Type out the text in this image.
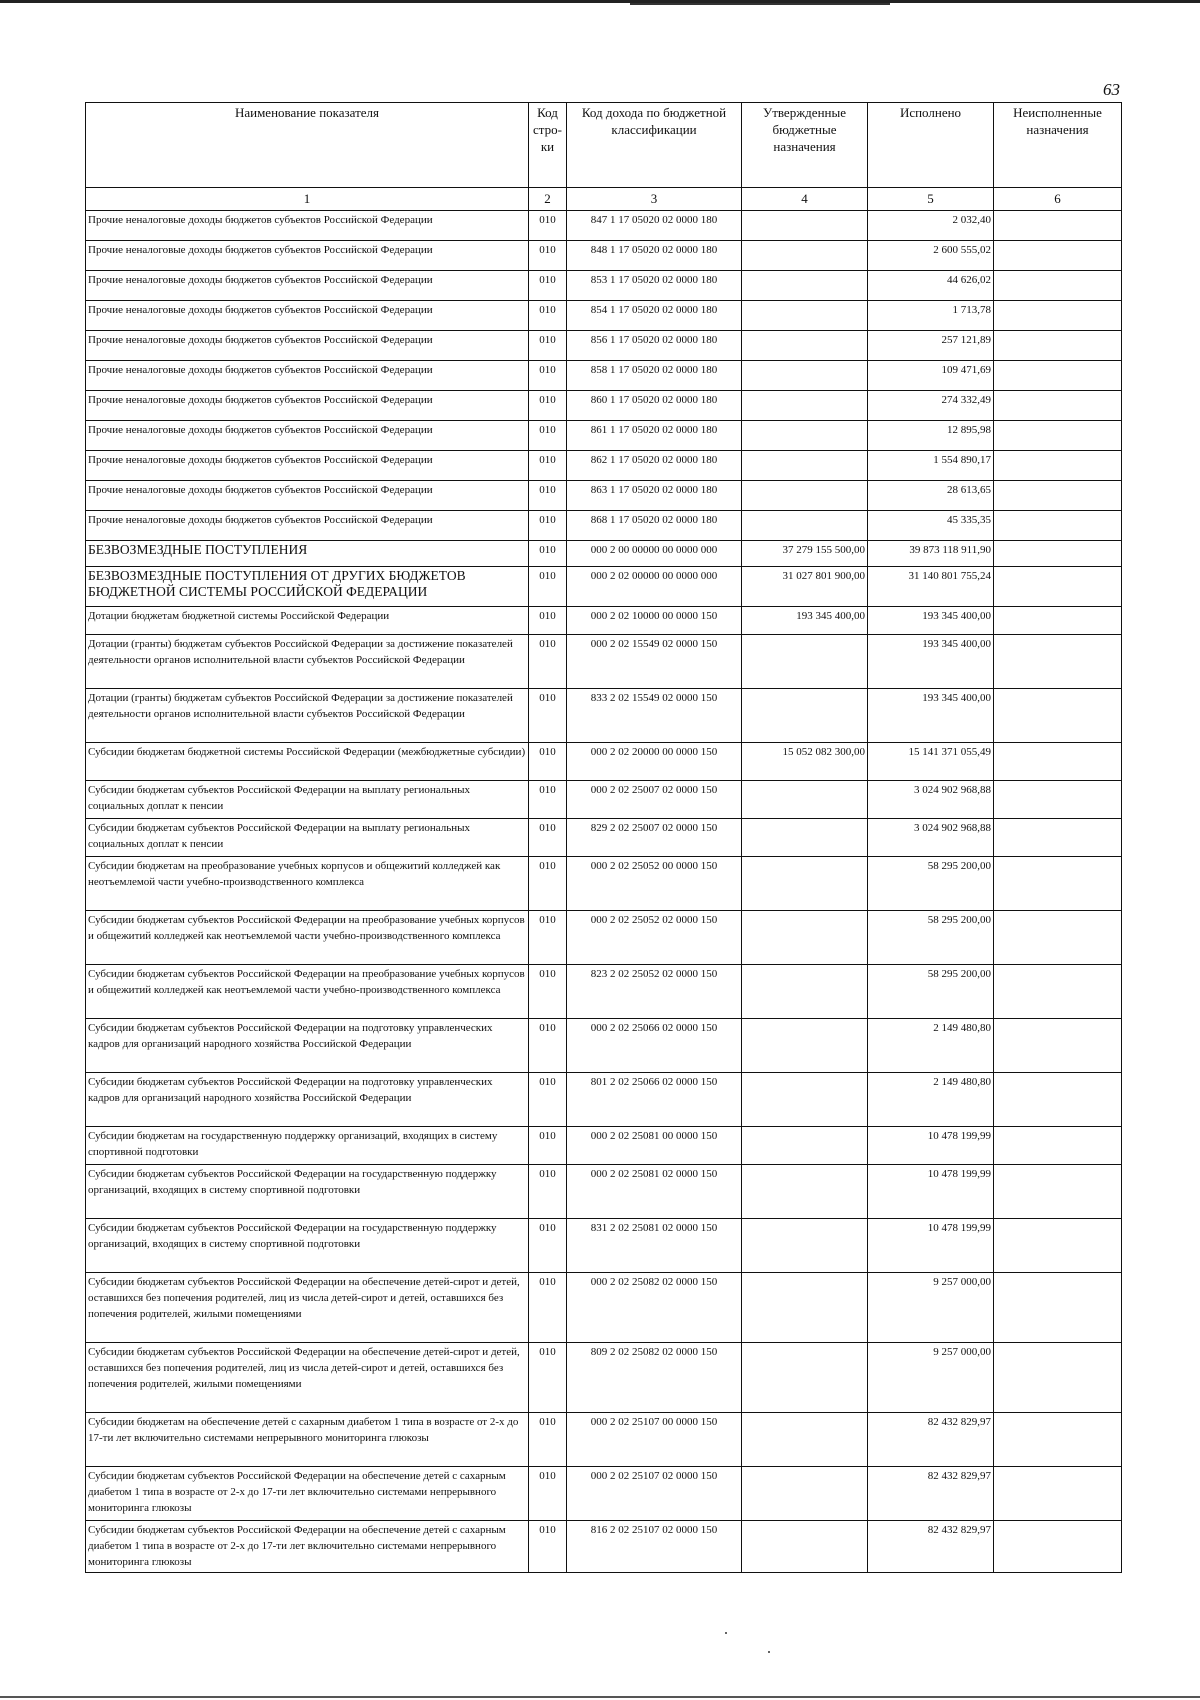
63
Наименование показателя	Код стро-ки	Код дохода по бюджетной классификации	Утвержденные бюджетные назначения	Исполнено	Неисполненные назначения
1	2	3	4	5	6
Прочие неналоговые доходы бюджетов субъектов Российской Федерации	010	847 1 17 05020 02 0000 180		2 032,40	
Прочие неналоговые доходы бюджетов субъектов Российской Федерации	010	848 1 17 05020 02 0000 180		2 600 555,02	
Прочие неналоговые доходы бюджетов субъектов Российской Федерации	010	853 1 17 05020 02 0000 180		44 626,02	
Прочие неналоговые доходы бюджетов субъектов Российской Федерации	010	854 1 17 05020 02 0000 180		1 713,78	
Прочие неналоговые доходы бюджетов субъектов Российской Федерации	010	856 1 17 05020 02 0000 180		257 121,89	
Прочие неналоговые доходы бюджетов субъектов Российской Федерации	010	858 1 17 05020 02 0000 180		109 471,69	
Прочие неналоговые доходы бюджетов субъектов Российской Федерации	010	860 1 17 05020 02 0000 180		274 332,49	
Прочие неналоговые доходы бюджетов субъектов Российской Федерации	010	861 1 17 05020 02 0000 180		12 895,98	
Прочие неналоговые доходы бюджетов субъектов Российской Федерации	010	862 1 17 05020 02 0000 180		1 554 890,17	
Прочие неналоговые доходы бюджетов субъектов Российской Федерации	010	863 1 17 05020 02 0000 180		28 613,65	
Прочие неналоговые доходы бюджетов субъектов Российской Федерации	010	868 1 17 05020 02 0000 180		45 335,35	
БЕЗВОЗМЕЗДНЫЕ ПОСТУПЛЕНИЯ	010	000 2 00 00000 00 0000 000	37 279 155 500,00	39 873 118 911,90	
БЕЗВОЗМЕЗДНЫЕ ПОСТУПЛЕНИЯ ОТ ДРУГИХ БЮДЖЕТОВ БЮДЖЕТНОЙ СИСТЕМЫ РОССИЙСКОЙ ФЕДЕРАЦИИ	010	000 2 02 00000 00 0000 000	31 027 801 900,00	31 140 801 755,24	
Дотации бюджетам бюджетной системы Российской Федерации	010	000 2 02 10000 00 0000 150	193 345 400,00	193 345 400,00	
Дотации (гранты) бюджетам субъектов Российской Федерации за достижение показателей деятельности органов исполнительной власти субъектов Российской Федерации	010	000 2 02 15549 02 0000 150		193 345 400,00	
Дотации (гранты) бюджетам субъектов Российской Федерации за достижение показателей деятельности органов исполнительной власти субъектов Российской Федерации	010	833 2 02 15549 02 0000 150		193 345 400,00	
Субсидии бюджетам бюджетной системы Российской Федерации (межбюджетные субсидии)	010	000 2 02 20000 00 0000 150	15 052 082 300,00	15 141 371 055,49	
Субсидии бюджетам субъектов Российской Федерации на выплату региональных социальных доплат к пенсии	010	000 2 02 25007 02 0000 150		3 024 902 968,88	
Субсидии бюджетам субъектов Российской Федерации на выплату региональных социальных доплат к пенсии	010	829 2 02 25007 02 0000 150		3 024 902 968,88	
Субсидии бюджетам на преобразование учебных корпусов и общежитий колледжей как неотъемлемой части учебно-производственного комплекса	010	000 2 02 25052 00 0000 150		58 295 200,00	
Субсидии бюджетам субъектов Российской Федерации на преобразование учебных корпусов и общежитий колледжей как неотъемлемой части учебно-производственного комплекса	010	000 2 02 25052 02 0000 150		58 295 200,00	
Субсидии бюджетам субъектов Российской Федерации на преобразование учебных корпусов и общежитий колледжей как неотъемлемой части учебно-производственного комплекса	010	823 2 02 25052 02 0000 150		58 295 200,00	
Субсидии бюджетам субъектов Российской Федерации на подготовку управленческих кадров для организаций народного хозяйства Российской Федерации	010	000 2 02 25066 02 0000 150		2 149 480,80	
Субсидии бюджетам субъектов Российской Федерации на подготовку управленческих кадров для организаций народного хозяйства Российской Федерации	010	801 2 02 25066 02 0000 150		2 149 480,80	
Субсидии бюджетам на государственную поддержку организаций, входящих в систему спортивной подготовки	010	000 2 02 25081 00 0000 150		10 478 199,99	
Субсидии бюджетам субъектов Российской Федерации на государственную поддержку организаций, входящих в систему спортивной подготовки	010	000 2 02 25081 02 0000 150		10 478 199,99	
Субсидии бюджетам субъектов Российской Федерации на государственную поддержку организаций, входящих в систему спортивной подготовки	010	831 2 02 25081 02 0000 150		10 478 199,99	
Субсидии бюджетам субъектов Российской Федерации на обеспечение детей-сирот и детей, оставшихся без попечения родителей, лиц из числа детей-сирот и детей, оставшихся без попечения родителей, жилыми помещениями	010	000 2 02 25082 02 0000 150		9 257 000,00	
Субсидии бюджетам субъектов Российской Федерации на обеспечение детей-сирот и детей, оставшихся без попечения родителей, лиц из числа детей-сирот и детей, оставшихся без попечения родителей, жилыми помещениями	010	809 2 02 25082 02 0000 150		9 257 000,00	
Субсидии бюджетам на обеспечение детей с сахарным диабетом 1 типа в возрасте от 2-х до 17-ти лет включительно системами непрерывного мониторинга глюкозы	010	000 2 02 25107 00 0000 150		82 432 829,97	
Субсидии бюджетам субъектов Российской Федерации на обеспечение детей с сахарным диабетом 1 типа в возрасте от 2-х до 17-ти лет включительно системами непрерывного мониторинга глюкозы	010	000 2 02 25107 02 0000 150		82 432 829,97	
Субсидии бюджетам субъектов Российской Федерации на обеспечение детей с сахарным диабетом 1 типа в возрасте от 2-х до 17-ти лет включительно системами непрерывного мониторинга глюкозы	010	816 2 02 25107 02 0000 150		82 432 829,97	
